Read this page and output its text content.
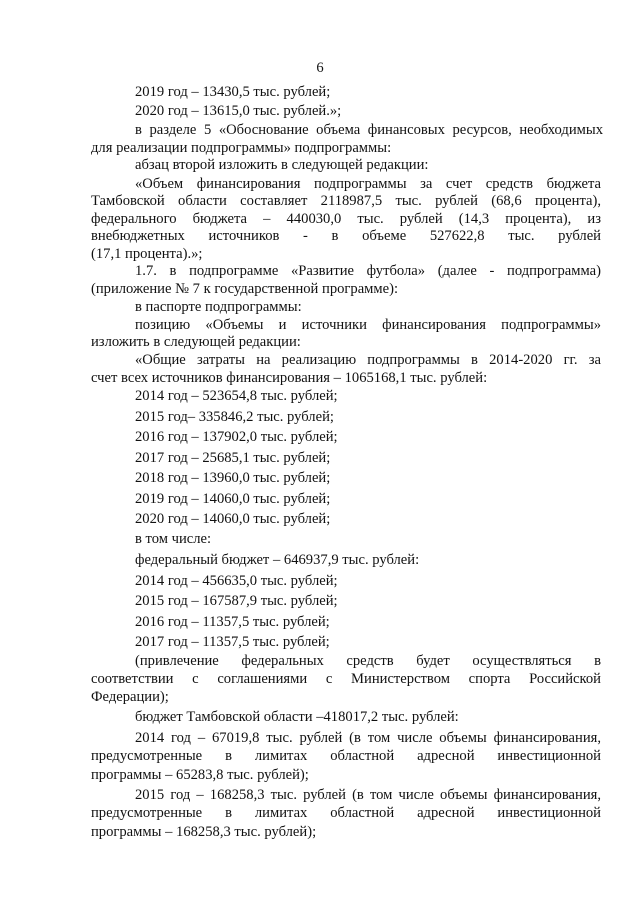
6
2019 год – 13430,5 тыс. рублей;
2020 год – 13615,0 тыс. рублей.»;
в разделе 5 «Обоснование объема финансовых ресурсов, необходимых
для реализации подпрограммы» подпрограммы:
абзац второй изложить в следующей редакции:
«Объем финансирования подпрограммы за счет средств бюджета
Тамбовской области составляет 2118987,5 тыс. рублей (68,6 процента),
федерального бюджета – 440030,0 тыс. рублей (14,3 процента), из
внебюджетных источников - в объеме 527622,8 тыс. рублей
(17,1 процента).»;
1.7. в подпрограмме «Развитие футбола» (далее - подпрограмма)
(приложение № 7 к государственной программе):
в паспорте подпрограммы:
позицию «Объемы и источники финансирования подпрограммы»
изложить в следующей редакции:
«Общие затраты на реализацию подпрограммы в 2014-2020 гг. за
счет всех источников финансирования – 1065168,1 тыс. рублей:
2014 год – 523654,8 тыс. рублей;
2015 год– 335846,2 тыс. рублей;
2016 год – 137902,0 тыс. рублей;
2017 год – 25685,1 тыс. рублей;
2018 год – 13960,0 тыс. рублей;
2019 год – 14060,0 тыс. рублей;
2020 год – 14060,0 тыс. рублей;
в том числе:
федеральный бюджет – 646937,9 тыс. рублей:
2014 год – 456635,0 тыс. рублей;
2015 год – 167587,9 тыс. рублей;
2016 год – 11357,5 тыс. рублей;
2017 год – 11357,5 тыс. рублей;
(привлечение федеральных средств будет осуществляться в
соответствии с соглашениями с Министерством спорта Российской
Федерации);
бюджет Тамбовской области –418017,2 тыс. рублей:
2014 год – 67019,8 тыс. рублей (в том числе объемы финансирования,
предусмотренные в лимитах областной адресной инвестиционной
программы – 65283,8 тыс. рублей);
2015 год – 168258,3 тыс. рублей (в том числе объемы финансирования,
предусмотренные в лимитах областной адресной инвестиционной
программы – 168258,3 тыс. рублей);
